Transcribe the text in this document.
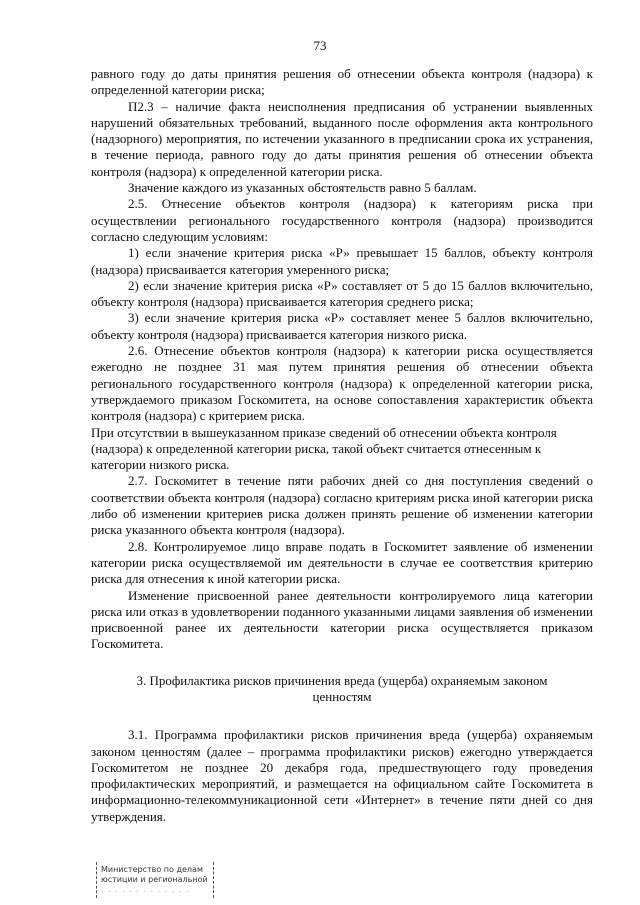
73

равного году до даты принятия решения об отнесении объекта контроля (надзора) к определенной категории риска;

П2.3 – наличие факта неисполнения предписания об устранении выявленных нарушений обязательных требований, выданного после оформления акта контрольного (надзорного) мероприятия, по истечении указанного в предписании срока их устранения, в течение периода, равного году до даты принятия решения об отнесении объекта контроля (надзора) к определенной категории риска.

Значение каждого из указанных обстоятельств равно 5 баллам.

2.5. Отнесение объектов контроля (надзора) к категориям риска при осуществлении регионального государственного контроля (надзора) производится согласно следующим условиям:

1) если значение критерия риска «Р» превышает 15 баллов, объекту контроля (надзора) присваивается категория умеренного риска;

2) если значение критерия риска «Р» составляет от 5 до 15 баллов включительно, объекту контроля (надзора) присваивается категория среднего риска;

3) если значение критерия риска «Р» составляет менее 5 баллов включительно, объекту контроля (надзора) присваивается категория низкого риска.

2.6. Отнесение объектов контроля (надзора) к категории риска осуществляется ежегодно не позднее 31 мая путем принятия решения об отнесении объекта регионального государственного контроля (надзора) к определенной категории риска, утверждаемого приказом Госкомитета, на основе сопоставления характеристик объекта контроля (надзора) с критерием риска.

При отсутствии в вышеуказанном приказе сведений об отнесении объекта контроля (надзора) к определенной категории риска, такой объект считается отнесенным к категории низкого риска.

2.7. Госкомитет в течение пяти рабочих дней со дня поступления сведений о соответствии объекта контроля (надзора) согласно критериям риска иной категории риска либо об изменении критериев риска должен принять решение об изменении категории риска указанного объекта контроля (надзора).

2.8. Контролируемое лицо вправе подать в Госкомитет заявление об изменении категории риска осуществляемой им деятельности в случае ее соответствия критерию риска для отнесения к иной категории риска.

Изменение присвоенной ранее деятельности контролируемого лица категории риска или отказ в удовлетворении поданного указанными лицами заявления об изменении присвоенной ранее их деятельности категории риска осуществляется приказом Госкомитета.

3. Профилактика рисков причинения вреда (ущерба) охраняемым законом ценностям

3.1. Программа профилактики рисков причинения вреда (ущерба) охраняемым законом ценностям (далее – программа профилактики рисков) ежегодно утверждается Госкомитетом не позднее 20 декабря года, предшествующего году проведения профилактических мероприятий, и размещается на официальном сайте Госкомитета в информационно-телекоммуникационной сети «Интернет» в течение пяти дней со дня утверждения.

Министерство по делам
юстиции и региональной
. . . . . . . . . . . . .
